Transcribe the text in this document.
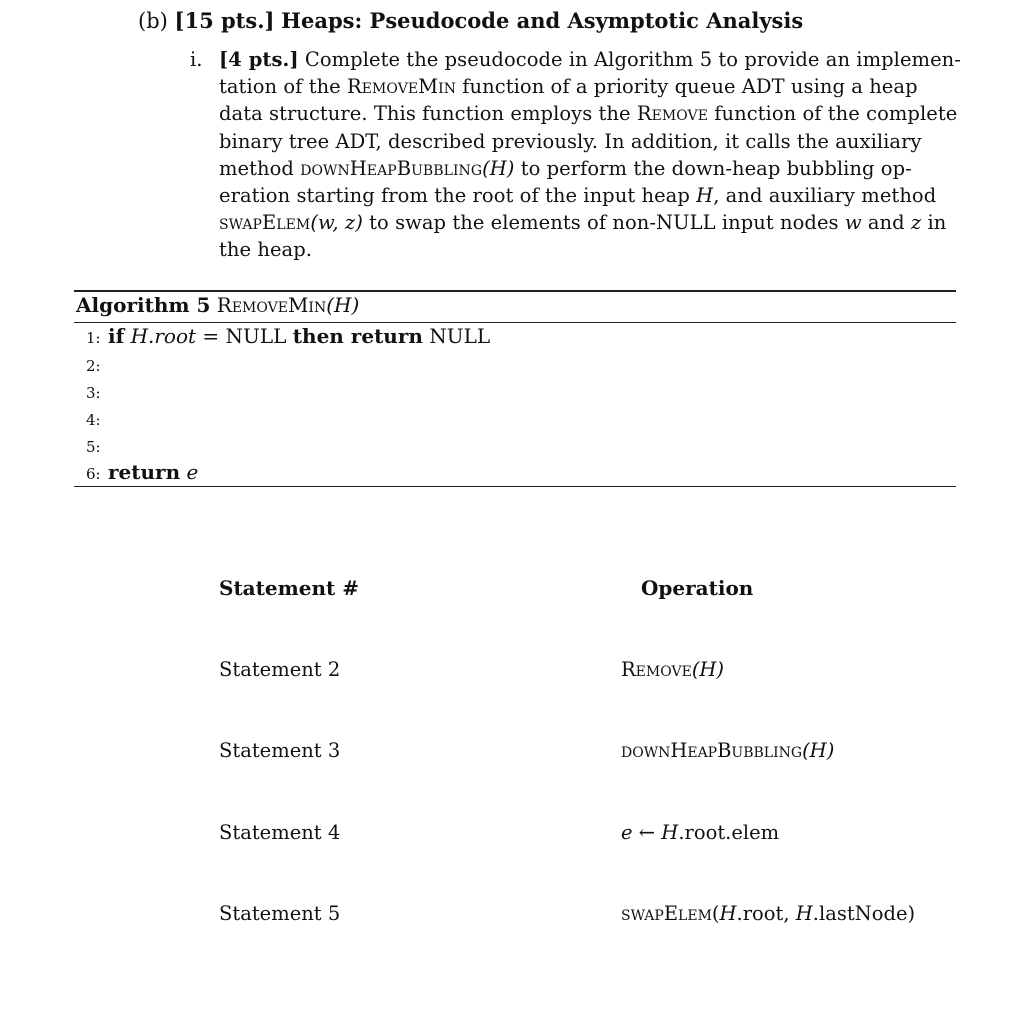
(b) [15 pts.] Heaps: Pseudocode and Asymptotic Analysis
i. [4 pts.] Complete the pseudocode in Algorithm 5 to provide an implemen-
tation of the RemoveMin function of a priority queue ADT using a heap
data structure. This function employs the Remove function of the complete
binary tree ADT, described previously. In addition, it calls the auxiliary
method downHeapBubbling(H) to perform the down-heap bubbling op-
eration starting from the root of the input heap H, and auxiliary method
swapElem(w, z) to swap the elements of non-NULL input nodes w and z in
the heap.
Algorithm 5 RemoveMin(H)
1: if H.root = NULL then return NULL
2:
3:
4:
5:
6: return e
Statement #	Operation
Statement 2	Remove(H)
Statement 3	downHeapBubbling(H)
Statement 4	e ← H.root.elem
Statement 5	swapElem(H.root, H.lastNode)
